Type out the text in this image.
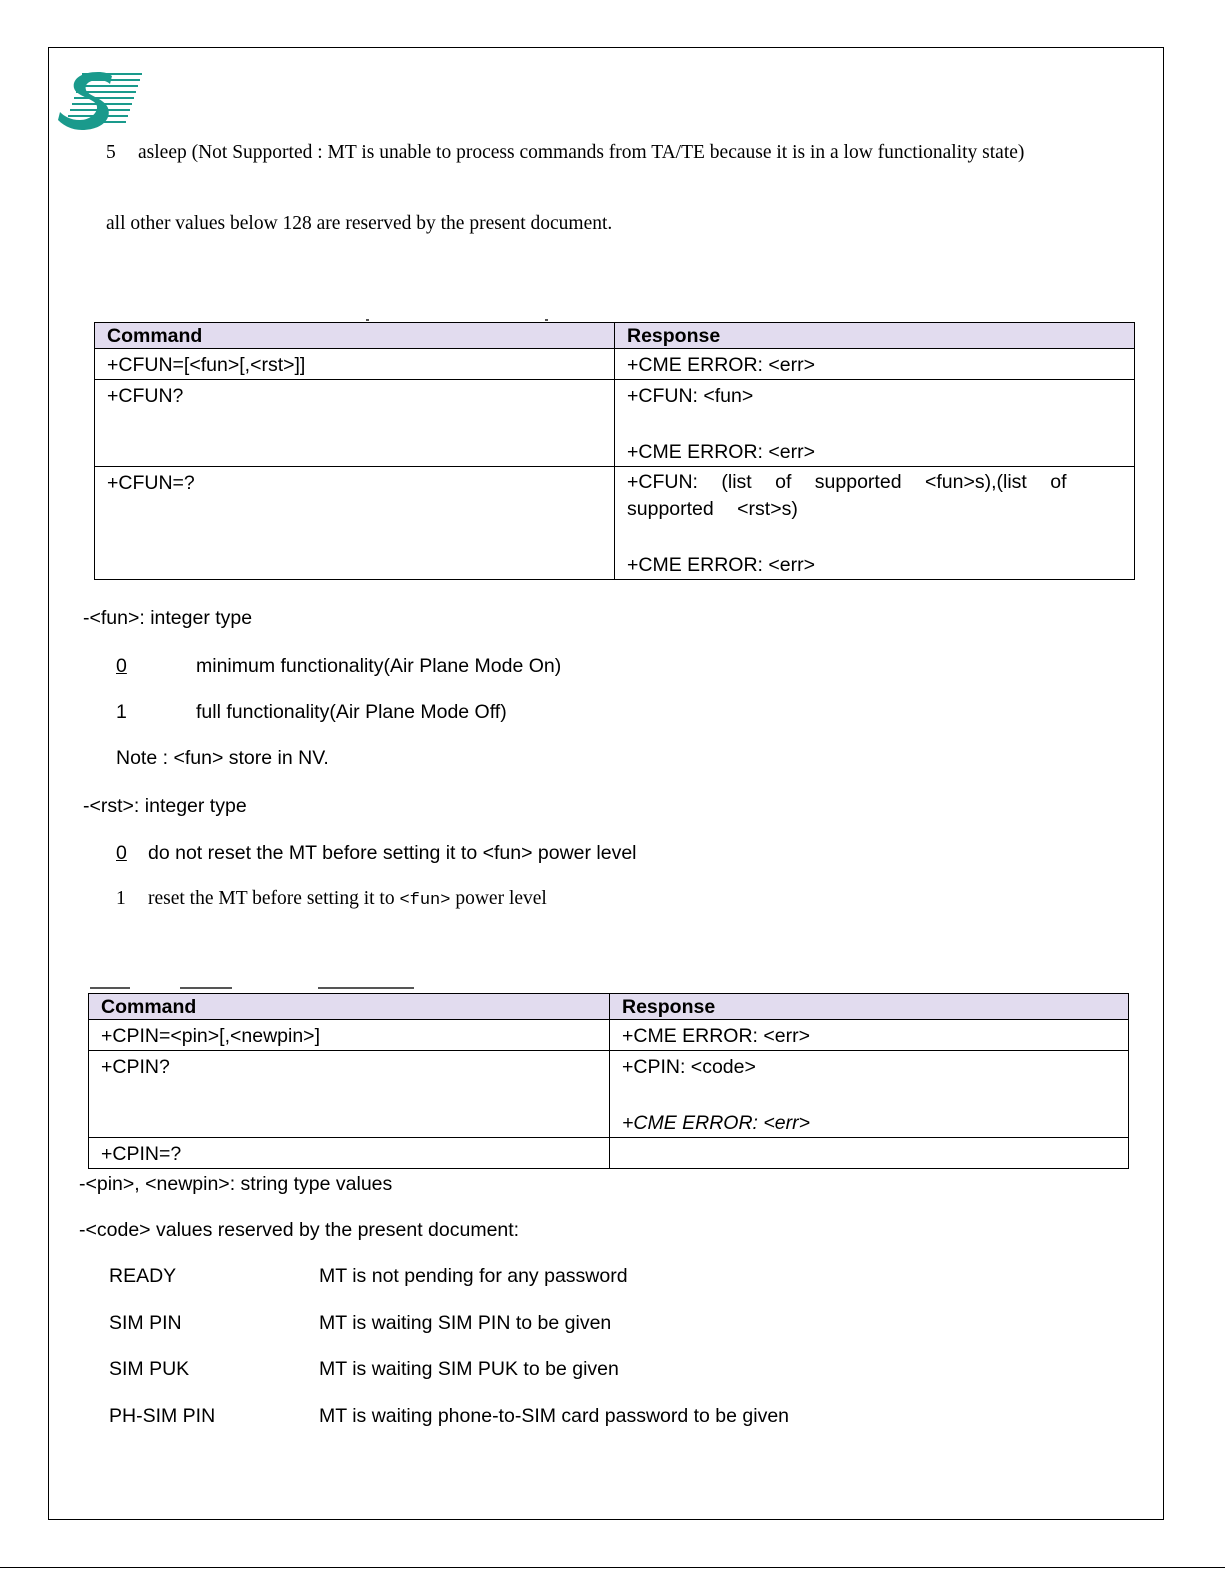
5 asleep (Not Supported : MT is unable to process commands from TA/TE because it is in a low functionality state)
all other values below 128 are reserved by the present document.
Command	Response
+CFUN=[<fun>[,<rst>]]	+CME ERROR: <err>
+CFUN?	+CFUN: <fun>
+CME ERROR: <err>

+CFUN=?	+CFUN: (list of supported <fun>s),(list of supported <rst>s)
+CME ERROR: <err>
-<fun>: integer type
0	minimum functionality(Air Plane Mode On)
1	full functionality(Air Plane Mode Off)
Note : <fun> store in NV.
-<rst>: integer type
0 do not reset the MT before setting it to <fun> power level
1 reset the MT before setting it to <fun> power level
Command	Response
+CPIN=<pin>[,<newpin>]	+CME ERROR: <err>
+CPIN?	+CPIN: <code>
+CME ERROR: <err>

+CPIN=?	
-<pin>, <newpin>: string type values
-<code> values reserved by the present document:
READY	MT is not pending for any password
SIM PIN	MT is waiting SIM PIN to be given
SIM PUK	MT is waiting SIM PUK to be given
PH-SIM PIN	MT is waiting phone-to-SIM card password to be given
